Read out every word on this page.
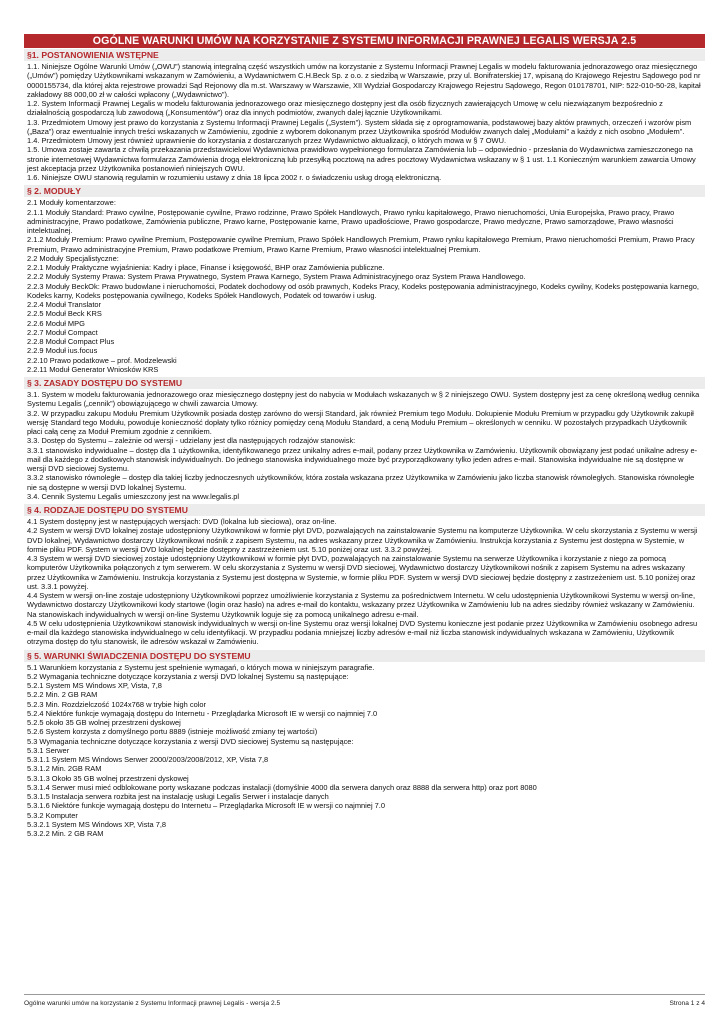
OGÓLNE WARUNKI UMÓW NA KORZYSTANIE Z SYSTEMU INFORMACJI PRAWNEJ LEGALIS WERSJA 2.5
§1. POSTANOWIENIA WSTĘPNE

1.1. Niniejsze Ogólne Warunki Umów („OWU”) stanowią integralną część wszystkich umów na korzystanie z Systemu Informacji Prawnej Legalis w modelu fakturowania jednorazowego oraz miesięcznego („Umów”) pomiędzy Użytkownikami wskazanym w Zamówieniu, a Wydawnictwem C.H.Beck Sp. z o.o. z siedzibą w Warszawie, przy ul. Bonifraterskiej 17, wpisaną do Krajowego Rejestru Sądowego pod nr 0000155734, dla której akta rejestrowe prowadzi Sąd Rejonowy dla m.st. Warszawy w Warszawie, XII Wydział Gospodarczy Krajowego Rejestru Sądowego, Regon 010178701, NIP: 522-010-50-28, kapitał zakładowy 88 000,00 zł w całości wpłacony („Wydawnictwo”).

1.2. System Informacji Prawnej Legalis w modelu fakturowania jednorazowego oraz miesięcznego dostępny jest dla osób fizycznych zawierających Umowę w celu niezwiązanym bezpośrednio z działalnością gospodarczą lub zawodową („Konsumentów”) oraz dla innych podmiotów, zwanych dalej łącznie Użytkownikami.

1.3. Przedmiotem Umowy jest prawo do korzystania z Systemu Informacji Prawnej Legalis („System”). System składa się z oprogramowania, podstawowej bazy aktów prawnych, orzeczeń i wzorów pism („Baza”) oraz ewentualnie innych treści wskazanych w Zamówieniu, zgodnie z wyborem dokonanym przez Użytkownika spośród Modułów zwanych dalej „Modułami” a każdy z nich osobno „Modułem”.

1.4. Przedmiotem Umowy jest również uprawnienie do korzystania z dostarczanych przez Wydawnictwo aktualizacji, o których mowa w § 7 OWU.

1.5. Umowa zostaje zawarta z chwilą przekazania przedstawicielowi Wydawnictwa prawidłowo wypełnionego formularza Zamówienia lub – odpowiednio - przesłania do Wydawnictwa zamieszczonego na stronie internetowej Wydawnictwa formularza Zamówienia drogą elektroniczną lub przesyłką pocztową na adres pocztowy Wydawnictwa wskazany w § 1 ust. 1.1 Konieczným warunkiem zawarcia Umowy jest akceptacja przez Użytkownika postanowień niniejszych OWU.

1.6. Niniejsze OWU stanowią regulamin w rozumieniu ustawy z dnia 18 lipca 2002 r. o świadczeniu usług drogą elektroniczną.

§ 2. MODUŁY

2.1 Moduły komentarzowe:

2.1.1 Moduły Standard: Prawo cywilne, Postępowanie cywilne, Prawo rodzinne, Prawo Spółek Handlowych, Prawo rynku kapitałowego, Prawo nieruchomości, Unia Europejska, Prawo pracy, Prawo administracyjne, Prawo podatkowe, Zamówienia publiczne, Prawo karne, Postępowanie karne, Prawo upadłościowe, Prawo gospodarcze, Prawo medyczne, Prawo samorządowe, Prawo własności intelektualnej.

2.1.2 Moduły Premium: Prawo cywilne Premium, Postępowanie cywilne Premium, Prawo Spółek Handlowych Premium, Prawo rynku kapitałowego Premium, Prawo nieruchomości Premium, Prawo Pracy Premium, Prawo administracyjne Premium, Prawo podatkowe Premium, Prawo Karne Premium, Prawo własności intelektualnej Premium.

2.2 Moduły Specjalistyczne:

2.2.1 Moduły Praktyczne wyjaśnienia: Kadry i płace, Finanse i księgowość, BHP oraz Zamówienia publiczne.

2.2.2 Moduły Systemy Prawa: System Prawa Prywatnego, System Prawa Karnego, System Prawa Administracyjnego oraz System Prawa Handlowego.

2.2.3 Moduły BeckOk: Prawo budowlane i nieruchomości, Podatek dochodowy od osób prawnych, Kodeks Pracy, Kodeks postępowania administracyjnego, Kodeks cywilny, Kodeks postępowania karnego, Kodeks karny, Kodeks postępowania cywilnego, Kodeks Spółek Handlowych, Podatek od towarów i usług.

2.2.4 Moduł Translator

2.2.5 Moduł Beck KRS

2.2.6 Moduł MPG

2.2.7 Moduł Compact

2.2.8 Moduł Compact Plus

2.2.9 Moduł ius.focus

2.2.10 Prawo podatkowe – prof. Modzelewski

2.2.11 Moduł Generator Wniosków KRS

§ 3. ZASADY DOSTĘPU DO SYSTEMU

3.1. System w modelu fakturowania jednorazowego oraz miesięcznego dostępny jest do nabycia w Modułach wskazanych w § 2 niniejszego OWU. System dostępny jest za cenę określoną według cennika Systemu Legalis („cennik”) obowiązującego w chwili zawarcia Umowy.

3.2. W przypadku zakupu Modułu Premium Użytkownik posiada dostęp zarówno do wersji Standard, jak również Premium tego Modułu. Dokupienie Modułu Premium w przypadku gdy Użytkownik zakupił wersję Standard tego Modułu, powoduje konieczność dopłaty tylko różnicy pomiędzy ceną Modułu Standard, a ceną Modułu Premium – określonych w cenniku. W pozostałych przypadkach Użytkownik płaci całą cenę za Moduł Premium zgodnie z cennikiem.

3.3. Dostęp do Systemu – zależnie od wersji - udzielany jest dla następujących rodzajów stanowisk:

3.3.1 stanowisko indywidualne – dostęp dla 1 użytkownika, identyfikowanego przez unikalny adres e-mail, podany przez Użytkownika w Zamówieniu. Użytkownik obowiązany jest podać unikalne adresy e-mail dla każdego z dodatkowych stanowisk indywidualnych. Do jednego stanowiska indywidualnego może być przyporządkowany tylko jeden adres e-mail. Stanowiska indywidualne nie są dostępne w wersji DVD sieciowej Systemu.

3.3.2 stanowisko równoległe – dostęp dla takiej liczby jednoczesnych użytkowników, która została wskazana przez Użytkownika w Zamówieniu jako liczba stanowisk równoległych. Stanowiska równoległe nie są dostępne w wersji DVD lokalnej Systemu.

3.4. Cennik Systemu Legalis umieszczony jest na www.legalis.pl

§ 4. RODZAJE DOSTĘPU DO SYSTEMU

4.1 System dostępny jest w następujących wersjach: DVD (lokalna lub sieciowa), oraz on-line.

4.2 System w wersji DVD lokalnej zostaje udostępniony Użytkownikowi w formie płyt DVD, pozwalających na zainstalowanie Systemu na komputerze Użytkownika. W celu skorzystania z Systemu w wersji DVD lokalnej, Wydawnictwo dostarczy Użytkownikowi nośnik z zapisem Systemu, na adres wskazany przez Użytkownika w Zamówieniu. Instrukcja korzystania z Systemu jest dostępna w Systemie, w formie pliku PDF. System w wersji DVD lokalnej będzie dostępny z zastrzeżeniem ust. 5.10 poniżej oraz ust. 3.3.2 powyżej.

4.3 System w wersji DVD sieciowej zostaje udostępniony Użytkownikowi w formie płyt DVD, pozwalających na zainstalowanie Systemu na serwerze Użytkownika i korzystanie z niego za pomocą komputerów Użytkownika połączonych z tym serwerem. W celu skorzystania z Systemu w wersji DVD sieciowej, Wydawnictwo dostarczy Użytkownikowi nośnik z zapisem Systemu na adres wskazany przez Użytkownika w Zamówieniu. Instrukcja korzystania z Systemu jest dostępna w Systemie, w formie pliku PDF. System w wersji DVD sieciowej będzie dostępny z zastrzeżeniem ust. 5.10 poniżej oraz ust. 3.3.1 powyżej.

4.4 System w wersji on-line zostaje udostępniony Użytkownikowi poprzez umożliwienie korzystania z Systemu za pośrednictwem Internetu. W celu udostępnienia Użytkownikowi Systemu w wersji on-line, Wydawnictwo dostarczy Użytkownikowi kody startowe (login oraz hasło) na adres e-mail do kontaktu, wskazany przez Użytkownika w Zamówieniu lub na adres siedziby również wskazany w Zamówieniu. Na stanowiskach indywidualnych w wersji on-line Systemu Użytkownik loguje się za pomocą unikalnego adresu e-mail.

4.5 W celu udostępnienia Użytkownikowi stanowisk indywidualnych w wersji on-line Systemu oraz wersji lokalnej DVD Systemu konieczne jest podanie przez Użytkownika w Zamówieniu osobnego adresu e-mail dla każdego stanowiska indywidualnego w celu identyfikacji. W przypadku podania mniejszej liczby adresów e-mail niż liczba stanowisk indywidualnych wskazana w Zamówieniu, Użytkownik otrzyma dostęp do tylu stanowisk, ile adresów wskazał w Zamówieniu.

§ 5. WARUNKI ŚWIADCZENIA DOSTĘPU DO SYSTEMU

5.1 Warunkiem korzystania z Systemu jest spełnienie wymagań, o których mowa w niniejszym paragrafie.

5.2 Wymagania techniczne dotyczące korzystania z wersji DVD lokalnej Systemu są następujące:

5.2.1 System MS Windows XP, Vista, 7,8

5.2.2 Min. 2 GB RAM

5.2.3 Min. Rozdzielczość 1024x768 w trybie high color

5.2.4 Niektóre funkcje wymagają dostępu do Internetu - Przeglądarka Microsoft IE w wersji co najmniej 7.0

5.2.5 około 35 GB wolnej przestrzeni dyskowej

5.2.6 System korzysta z domyślnego portu 8889 (istnieje możliwość zmiany tej wartości)

5.3 Wymagania techniczne dotyczące korzystania z wersji DVD sieciowej Systemu są następujące:

5.3.1 Serwer

5.3.1.1 System MS Windows Serwer 2000/2003/2008/2012, XP, Vista 7,8

5.3.1.2 Min. 2GB RAM

5.3.1.3 Około 35 GB wolnej przestrzeni dyskowej

5.3.1.4 Serwer musi mieć odblokowane porty wskazane podczas instalacji (domyślnie 4000 dla serwera danych oraz 8888 dla serwera http) oraz port 8080

5.3.1.5 Instalacja serwera rozbita jest na instalację usługi Legalis Serwer i instalacje danych

5.3.1.6 Niektóre funkcje wymagają dostępu do Internetu – Przeglądarka Microsoft IE w wersji co najmniej 7.0

5.3.2 Komputer

5.3.2.1 System MS Windows XP, Vista 7,8

5.3.2.2 Min. 2 GB RAM

Ogólne warunki umów na korzystanie z Systemu Informacji prawnej Legalis - wersja 2.5	Strona 1 z 4
